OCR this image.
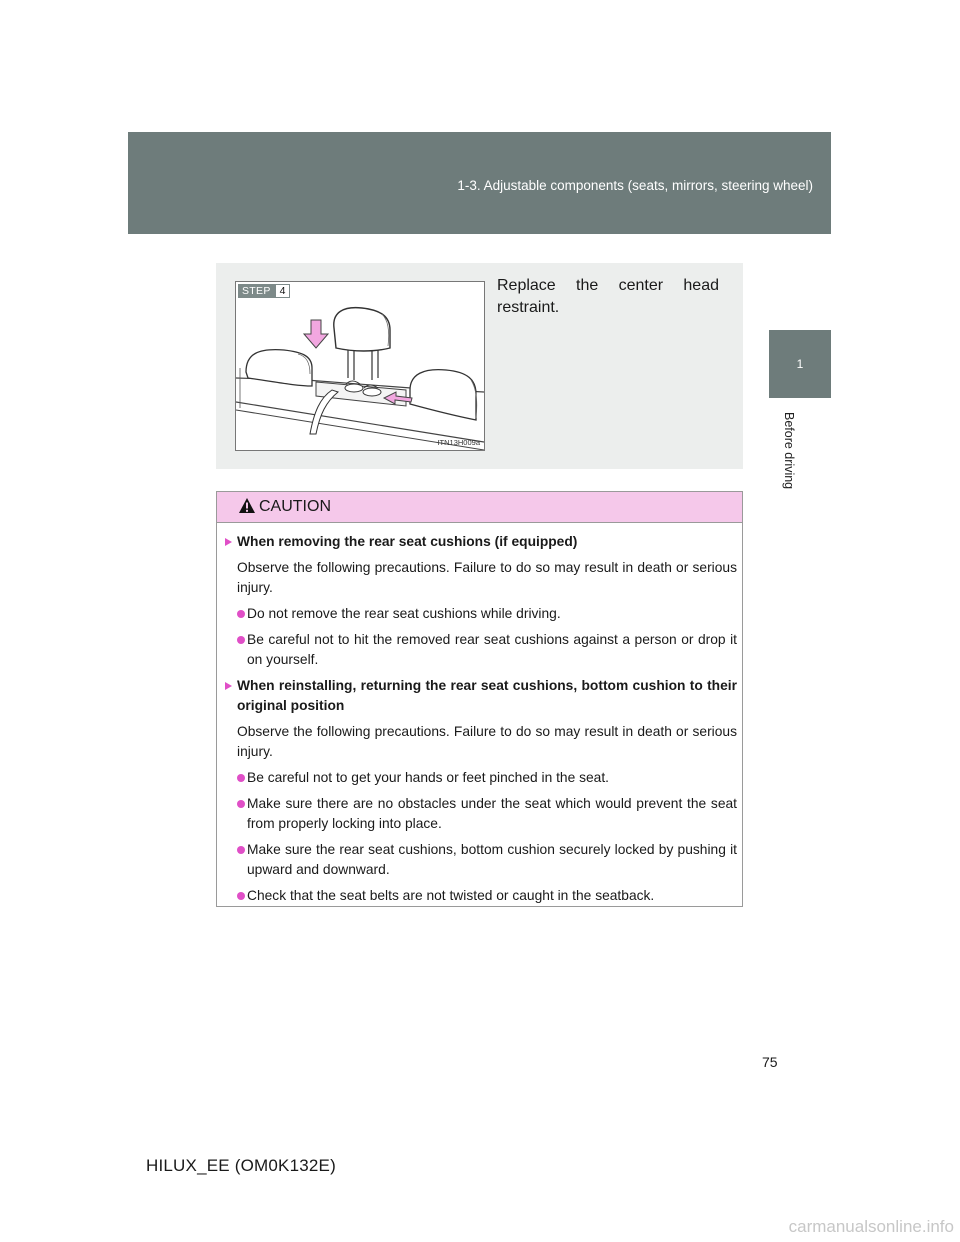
1-3. Adjustable components (seats, mirrors, steering wheel)
1
Before driving
STEP 4
ITN13H009a
Replace the center head restraint.
CAUTION
When removing the rear seat cushions (if equipped)
Observe the following precautions. Failure to do so may result in death or serious injury.
Do not remove the rear seat cushions while driving.
Be careful not to hit the removed rear seat cushions against a person or drop it on yourself.
When reinstalling, returning the rear seat cushions, bottom cushion to their original position
Observe the following precautions. Failure to do so may result in death or serious injury.
Be careful not to get your hands or feet pinched in the seat.
Make sure there are no obstacles under the seat which would prevent the seat from properly locking into place.
Make sure the rear seat cushions, bottom cushion securely locked by pushing it upward and downward.
Check that the seat belts are not twisted or caught in the seatback.
75
HILUX_EE (OM0K132E)
carmanualsonline.info
